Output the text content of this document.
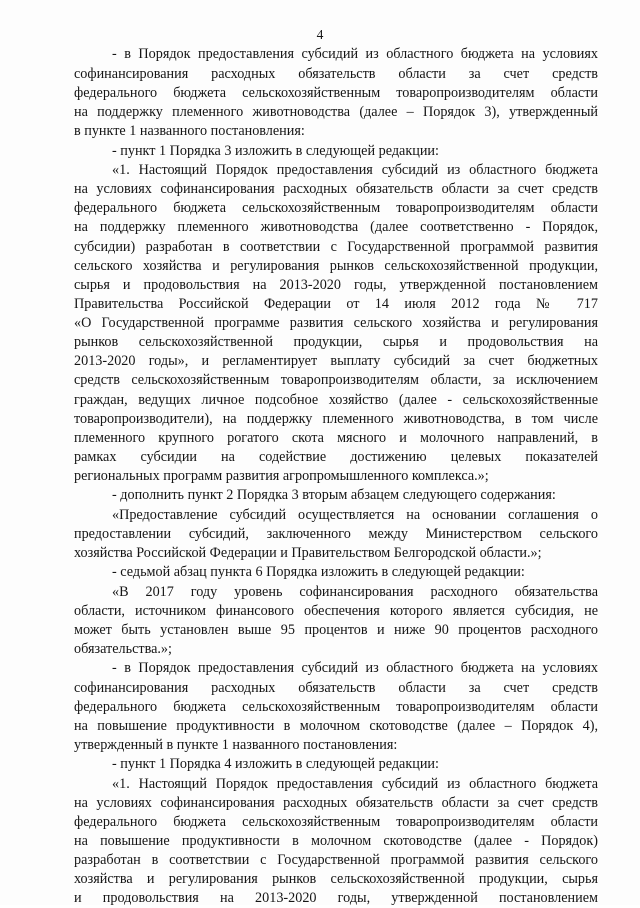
4
- в Порядок предоставления субсидий из областного бюджета на условиях
софинансирования расходных обязательств области за счет средств
федерального бюджета сельскохозяйственным товаропроизводителям области
на поддержку племенного животноводства (далее – Порядок 3), утвержденный
в пункте 1 названного постановления:
- пункт 1 Порядка 3 изложить в следующей редакции:
«1. Настоящий Порядок предоставления субсидий из областного бюджета
на условиях софинансирования расходных обязательств области за счет средств
федерального бюджета сельскохозяйственным товаропроизводителям области
на поддержку племенного животноводства (далее соответственно - Порядок,
субсидии) разработан в соответствии с Государственной программой развития
сельского хозяйства и регулирования рынков сельскохозяйственной продукции,
сырья и продовольствия на 2013-2020 годы, утвержденной постановлением
Правительства Российской Федерации от 14 июля 2012 года № 717
«О Государственной программе развития сельского хозяйства и регулирования
рынков сельскохозяйственной продукции, сырья и продовольствия на
2013-2020 годы», и регламентирует выплату субсидий за счет бюджетных
средств сельскохозяйственным товаропроизводителям области, за исключением
граждан, ведущих личное подсобное хозяйство (далее - сельскохозяйственные
товаропроизводители), на поддержку племенного животноводства, в том числе
племенного крупного рогатого скота мясного и молочного направлений, в
рамках субсидии на содействие достижению целевых показателей
региональных программ развития агропромышленного комплекса.»;
- дополнить пункт 2 Порядка 3 вторым абзацем следующего содержания:
«Предоставление субсидий осуществляется на основании соглашения о
предоставлении субсидий, заключенного между Министерством сельского
хозяйства Российской Федерации и Правительством Белгородской области.»;
- седьмой абзац пункта 6 Порядка изложить в следующей редакции:
«В 2017 году уровень софинансирования расходного обязательства
области, источником финансового обеспечения которого является субсидия, не
может быть установлен выше 95 процентов и ниже 90 процентов расходного
обязательства.»;
- в Порядок предоставления субсидий из областного бюджета на условиях
софинансирования расходных обязательств области за счет средств
федерального бюджета сельскохозяйственным товаропроизводителям области
на повышение продуктивности в молочном скотоводстве (далее – Порядок 4),
утвержденный в пункте 1 названного постановления:
- пункт 1 Порядка 4 изложить в следующей редакции:
«1. Настоящий Порядок предоставления субсидий из областного бюджета
на условиях софинансирования расходных обязательств области за счет средств
федерального бюджета сельскохозяйственным товаропроизводителям области
на повышение продуктивности в молочном скотоводстве (далее - Порядок)
разработан в соответствии с Государственной программой развития сельского
хозяйства и регулирования рынков сельскохозяйственной продукции, сырья
и продовольствия на 2013-2020 годы, утвержденной постановлением
